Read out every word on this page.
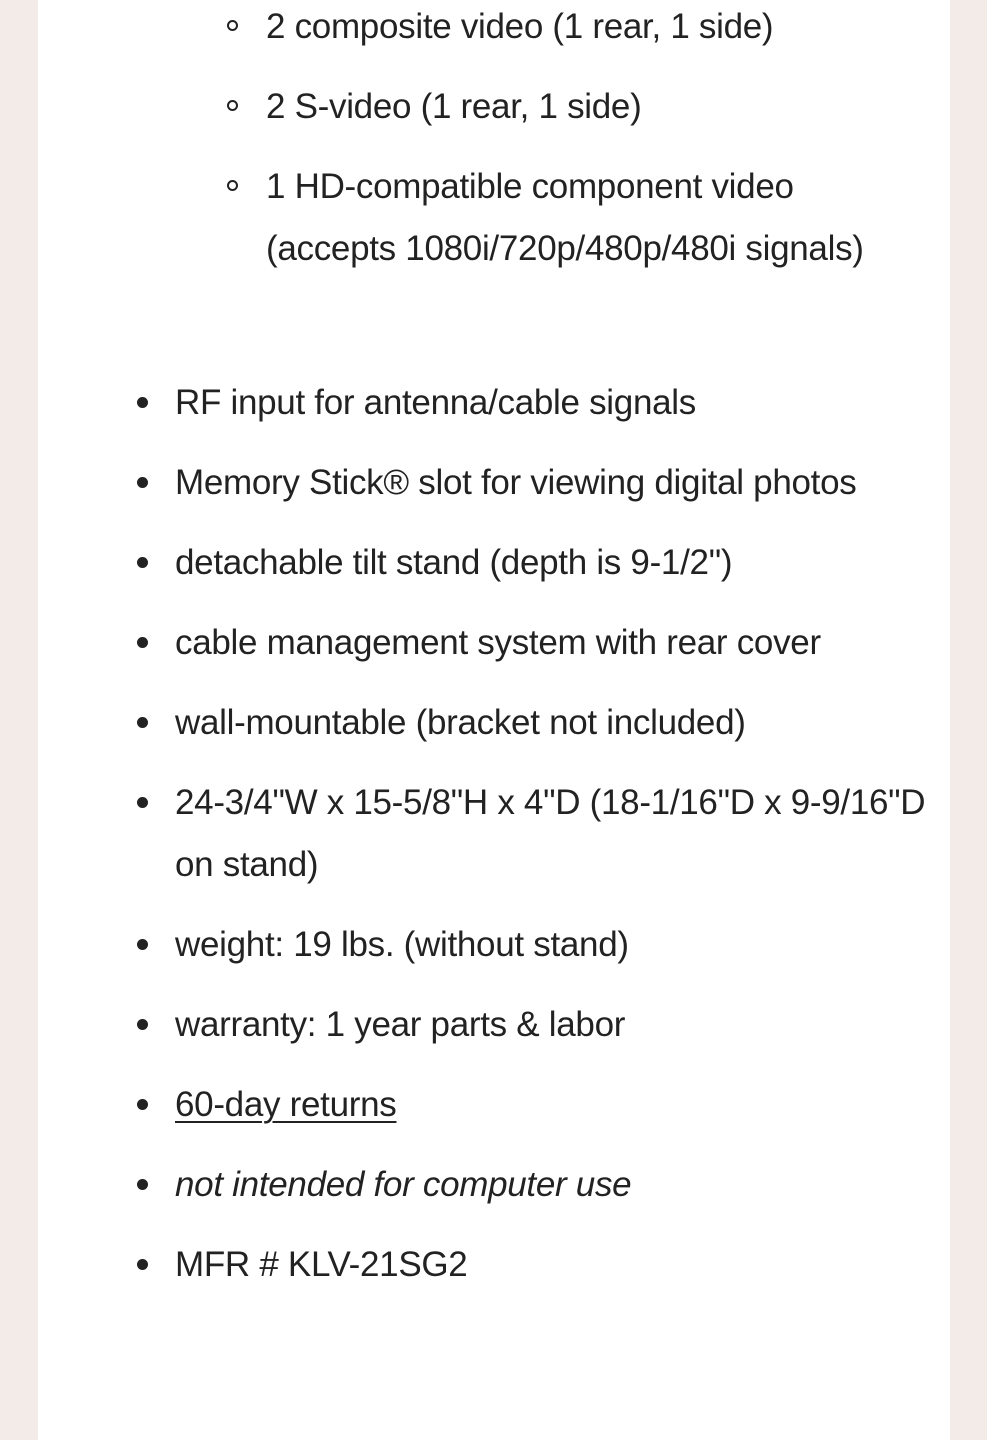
2 composite video (1 rear, 1 side)
2 S-video (1 rear, 1 side)
1 HD-compatible component video (accepts 1080i/720p/480p/480i signals)
RF input for antenna/cable signals
Memory Stick® slot for viewing digital photos
detachable tilt stand (depth is 9-1/2")
cable management system with rear cover
wall-mountable (bracket not included)
24-3/4"W x 15-5/8"H x 4"D (18-1/16"D x 9-9/16"D on stand)
weight: 19 lbs. (without stand)
warranty: 1 year parts & labor
60-day returns
not intended for computer use
MFR # KLV-21SG2
